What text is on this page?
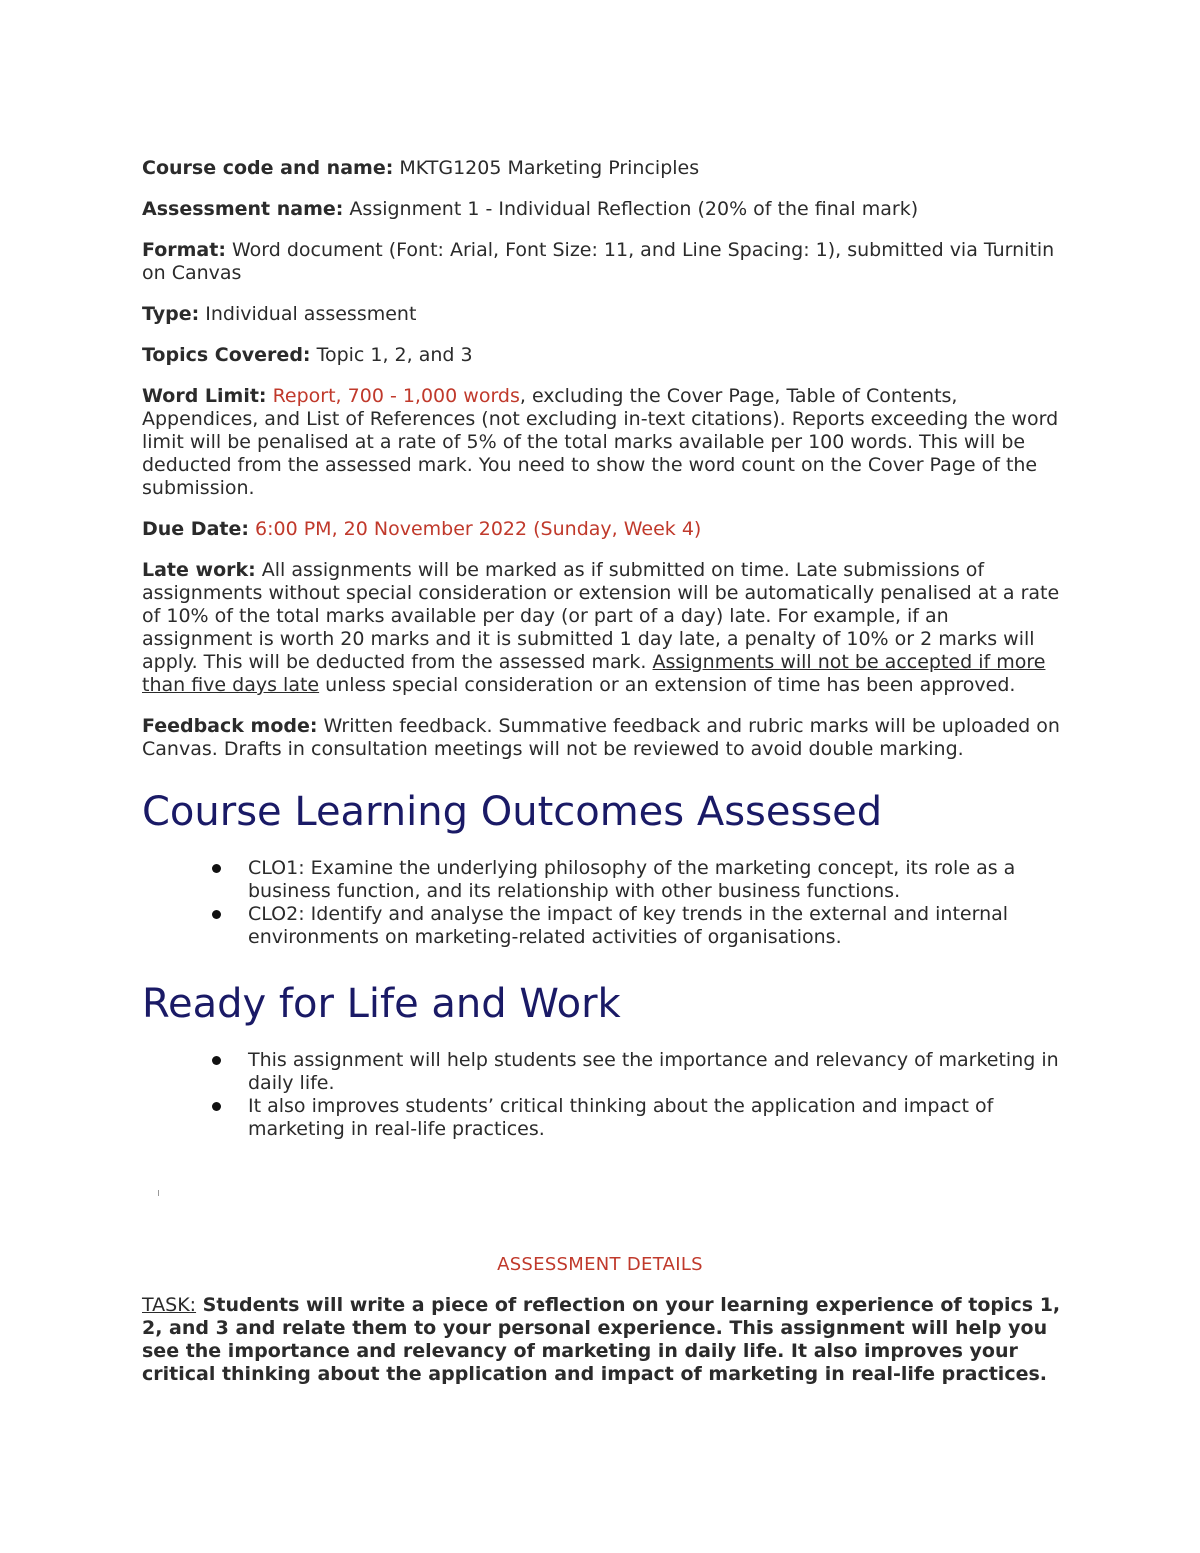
Course code and name: MKTG1205 Marketing Principles

Assessment name: Assignment 1 - Individual Reflection (20% of the final mark)

Format: Word document (Font: Arial, Font Size: 11, and Line Spacing: 1), submitted via Turnitin on Canvas

Type: Individual assessment

Topics Covered: Topic 1, 2, and 3

Word Limit: Report, 700 - 1,000 words, excluding the Cover Page, Table of Contents, Appendices, and List of References (not excluding in-text citations). Reports exceeding the word limit will be penalised at a rate of 5% of the total marks available per 100 words. This will be deducted from the assessed mark. You need to show the word count on the Cover Page of the submission.

Due Date: 6:00 PM, 20 November 2022 (Sunday, Week 4)

Late work: All assignments will be marked as if submitted on time. Late submissions of assignments without special consideration or extension will be automatically penalised at a rate of 10% of the total marks available per day (or part of a day) late. For example, if an assignment is worth 20 marks and it is submitted 1 day late, a penalty of 10% or 2 marks will apply. This will be deducted from the assessed mark. Assignments will not be accepted if more than five days late unless special consideration or an extension of time has been approved.

Feedback mode: Written feedback. Summative feedback and rubric marks will be uploaded on Canvas. Drafts in consultation meetings will not be reviewed to avoid double marking.

Course Learning Outcomes Assessed
CLO1: Examine the underlying philosophy of the marketing concept, its role as a business function, and its relationship with other business functions.
CLO2: Identify and analyse the impact of key trends in the external and internal environments on marketing-related activities of organisations.
Ready for Life and Work
This assignment will help students see the importance and relevancy of marketing in daily life.
It also improves students’ critical thinking about the application and impact of marketing in real-life practices.
ASSESSMENT DETAILS

TASK: Students will write a piece of reflection on your learning experience of topics 1, 2, and 3 and relate them to your personal experience. This assignment will help you see the importance and relevancy of marketing in daily life. It also improves your critical thinking about the application and impact of marketing in real-life practices.
